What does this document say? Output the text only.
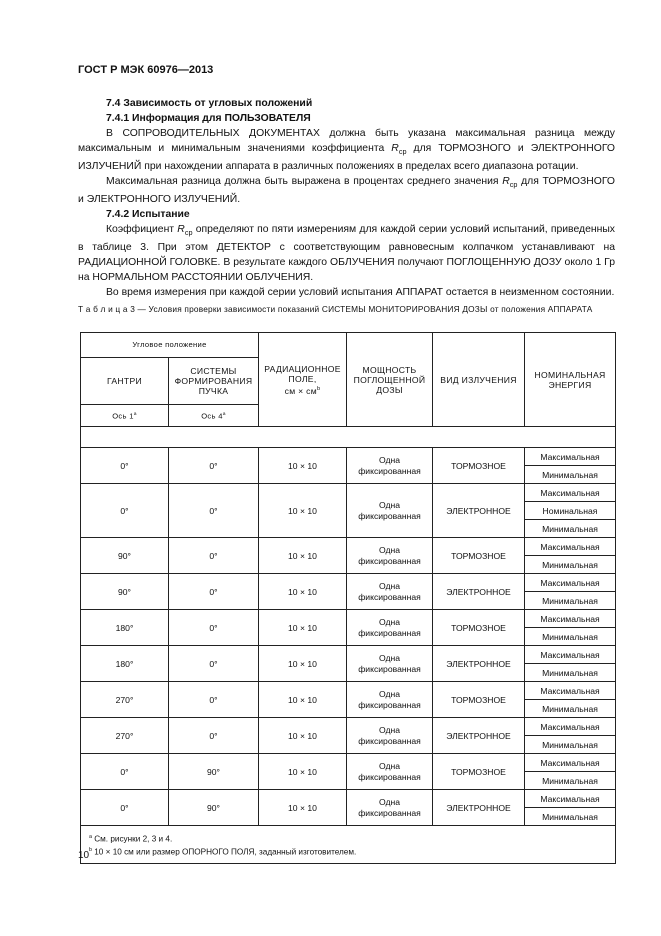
ГОСТ Р МЭК 60976—2013
7.4 Зависимость от угловых положений
7.4.1 Информация для ПОЛЬЗОВАТЕЛЯ

В СОПРОВОДИТЕЛЬНЫХ ДОКУМЕНТАХ должна быть указана максимальная разница между максимальным и минимальным значениями коэффициента $R_{ср}$ для ТОРМОЗНОГО и ЭЛЕКТРОННОГО ИЗЛУЧЕНИЙ при нахождении аппарата в различных положениях в пределах всего диапазона ротации.

Максимальная разница должна быть выражена в процентах среднего значения $R_{ср}$ для ТОРМОЗНОГО и ЭЛЕКТРОННОГО ИЗЛУЧЕНИЙ.

7.4.2 Испытание

Коэффициент $R_{ср}$ определяют по пяти измерениям для каждой серии условий испытаний, приведенных в таблице 3. При этом ДЕТЕКТОР с соответствующим равновесным колпачком устанавливают на РАДИАЦИОННОЙ ГОЛОВКЕ. В результате каждого ОБЛУЧЕНИЯ получают ПОГЛОЩЕННУЮ ДОЗУ около 1 Гр на НОРМАЛЬНОМ РАССТОЯНИИ ОБЛУЧЕНИЯ.

Во время измерения при каждой серии условий испытания АППАРАТ остается в неизменном состоянии.

Т а б л и ц а 3 — Условия проверки зависимости показаний СИСТЕМЫ МОНИТОРИРОВАНИЯ ДОЗЫ от положения АППАРАТА
Угловое положение		РАДИАЦИОННОЕ ПОЛЕ,
см × $см^b$	МОЩНОСТЬ ПОГЛОЩЕННОЙ ДОЗЫ	ВИД ИЗЛУЧЕНИЯ	НОМИНАЛЬНАЯ ЭНЕРГИЯ
ГАНТРИ	СИСТЕМЫ ФОРМИРОВАНИЯ ПУЧКА				
Ось 1$^a$	Ось 4$^a$

0°	0°	10 × 10	Одна фиксированная	ТОРМОЗНОЕ	Максимальная
					Минимальная
0°	0°	10 × 10	Одна фиксированная	ЭЛЕКТРОННОЕ	Максимальная
					Номинальная
					Минимальная
90°	0°	10 × 10	Одна фиксированная	ТОРМОЗНОЕ	Максимальная
					Минимальная
90°	0°	10 × 10	Одна фиксированная	ЭЛЕКТРОННОЕ	Максимальная
					Минимальная
180°	0°	10 × 10	Одна фиксированная	ТОРМОЗНОЕ	Максимальная
					Минимальная
180°	0°	10 × 10	Одна фиксированная	ЭЛЕКТРОННОЕ	Максимальная
					Минимальная
270°	0°	10 × 10	Одна фиксированная	ТОРМОЗНОЕ	Максимальная
					Минимальная
270°	0°	10 × 10	Одна фиксированная	ЭЛЕКТРОННОЕ	Максимальная
					Минимальная
0°	90°	10 × 10	Одна фиксированная	ТОРМОЗНОЕ	Максимальная
					Минимальная
0°	90°	10 × 10	Одна фиксированная	ЭЛЕКТРОННОЕ	Максимальная
					Минимальная

$^a$ См. рисунки 2, 3 и 4.
$^b$ 10 × 10 см или размер ОПОРНОГО ПОЛЯ, заданный изготовителем.					
10
